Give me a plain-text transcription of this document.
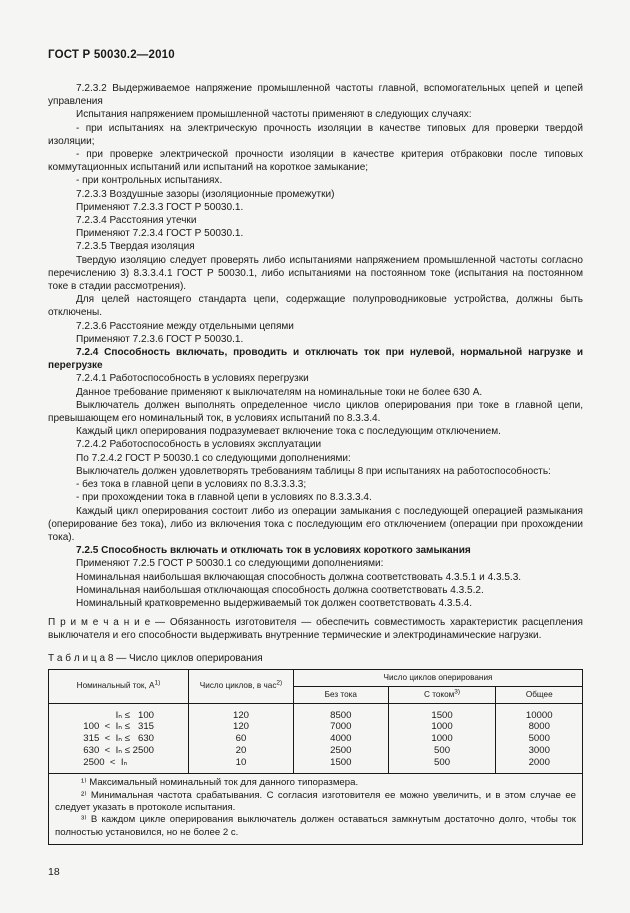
ГОСТ Р 50030.2—2010

7.2.3.2 Выдерживаемое напряжение промышленной частоты главной, вспомогательных цепей и цепей управления

Испытания напряжением промышленной частоты применяют в следующих случаях:

- при испытаниях на электрическую прочность изоляции в качестве типовых для проверки твердой изоляции;

- при проверке электрической прочности изоляции в качестве критерия отбраковки после типовых коммутационных испытаний или испытаний на короткое замыкание;

- при контрольных испытаниях.

7.2.3.3 Воздушные зазоры (изоляционные промежутки)

Применяют 7.2.3.3 ГОСТ Р 50030.1.

7.2.3.4 Расстояния утечки

Применяют 7.2.3.4 ГОСТ Р 50030.1.

7.2.3.5 Твердая изоляция

Твердую изоляцию следует проверять либо испытаниями напряжением промышленной частоты согласно перечислению 3) 8.3.3.4.1 ГОСТ Р 50030.1, либо испытаниями на постоянном токе (испытания на постоянном токе в стадии рассмотрения).

Для целей настоящего стандарта цепи, содержащие полупроводниковые устройства, должны быть отключены.

7.2.3.6 Расстояние между отдельными цепями

Применяют 7.2.3.6 ГОСТ Р 50030.1.

7.2.4 Способность включать, проводить и отключать ток при нулевой, нормальной нагрузке и перегрузке

7.2.4.1 Работоспособность в условиях перегрузки

Данное требование применяют к выключателям на номинальные токи не более 630 А.

Выключатель должен выполнять определенное число циклов оперирования при токе в главной цепи, превышающем его номинальный ток, в условиях испытаний по 8.3.3.4.

Каждый цикл оперирования подразумевает включение тока с последующим отключением.

7.2.4.2 Работоспособность в условиях эксплуатации

По 7.2.4.2 ГОСТ Р 50030.1 со следующими дополнениями:

Выключатель должен удовлетворять требованиям таблицы 8 при испытаниях на работоспособность:

- без тока в главной цепи в условиях по 8.3.3.3.3;

- при прохождении тока в главной цепи в условиях по 8.3.3.3.4.

Каждый цикл оперирования состоит либо из операции замыкания с последующей операцией размыкания (оперирование без тока), либо из включения тока с последующим его отключением (операции при прохождении тока).

7.2.5 Способность включать и отключать ток в условиях короткого замыкания

Применяют 7.2.5 ГОСТ Р 50030.1 со следующими дополнениями:

Номинальная наибольшая включающая способность должна соответствовать 4.3.5.1 и 4.3.5.3.

Номинальная наибольшая отключающая способность должна соответствовать 4.3.5.2.

Номинальный кратковременно выдерживаемый ток должен соответствовать 4.3.5.4.

П р и м е ч а н и е — Обязанность изготовителя — обеспечить совместимость характеристик расцепления выключателя и его способности выдерживать внутренние термические и электродинамические нагрузки.

Т а б л и ц а 8 — Число циклов оперирования

Номинальный ток, $А^{1)}$	Число циклов, в час$^{2)}$	Число циклов оперирования		
		Без тока	С током$^{3)}$	Общее
Iₙ ≤   100	120	8500	1500	10000
100  <  Iₙ ≤   315	120	7000	1000	8000
315  <  Iₙ ≤   630	60	4000	1000	5000
630  <  Iₙ ≤ 2500	20	2500	500	3000
2500  <  Iₙ	10	1500	500	2000

¹⁾ Максимальный номинальный ток для данного типоразмера.

²⁾ Минимальная частота срабатывания. С согласия изготовителя ее можно увеличить, и в этом случае ее следует указать в протоколе испытания.

³⁾ В каждом цикле оперирования выключатель должен оставаться замкнутым достаточно долго, чтобы ток полностью установился, но не более 2 с.				

18
